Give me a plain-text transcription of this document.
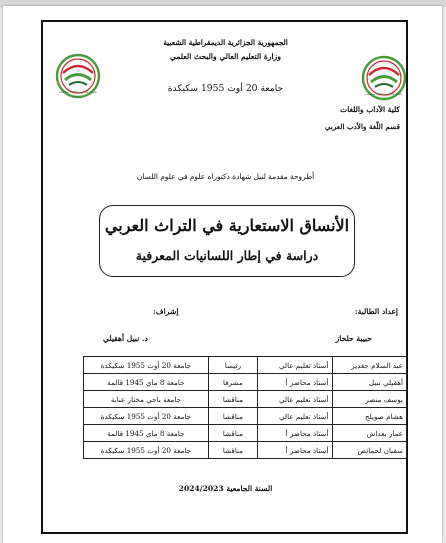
جامعة 20 أوت 1955 سكيكدة	جامعة 20 أوت 1955 سكيكدة
الجمهورية الجزائرية الديمقراطية الشعبية
وزارة التعليم العالي والبحث العلمي
جامعة 20 أوت 1955 سكيكدة
كلية الآداب واللغات
قسم اللّغة والأدب العربي
أطروحة مقدمة لنيل شهادة دكتوراه علوم في علوم اللسان
الأنساق الاستعارية في التراث العربي
دراسة في إطار اللسانيات المعرفية
إعداد الطالبة:
حبيبة حلحاز
إشراف:
د. نبيل أهقيلي
عبد السلام جغدير	أستاذ تعليم عالي	رئيسا	جامعة 20 أوت 1955 سكيكدة
أهقيلي نبيل	أستاذ محاضر أ	مشرفا	جامعة 8 ماي 1945 قالمة
يوسف منصر	أستاذ تعليم عالي	مناقشا	جامعة باجي مختار عنابة
هشام صويلح	أستاذ تعليم عالي	مناقشا	جامعة 20 أوت 1955 سكيكدة
عمار بعداش	أستاذ محاضر أ	مناقشا	جامعة 8 ماي 1945 قالمة
سفيان لحمائص	أستاذ محاضر أ	مناقشا	جامعة 20 أوت 1955 سكيكدة
السنة الجامعية 2024/2023
